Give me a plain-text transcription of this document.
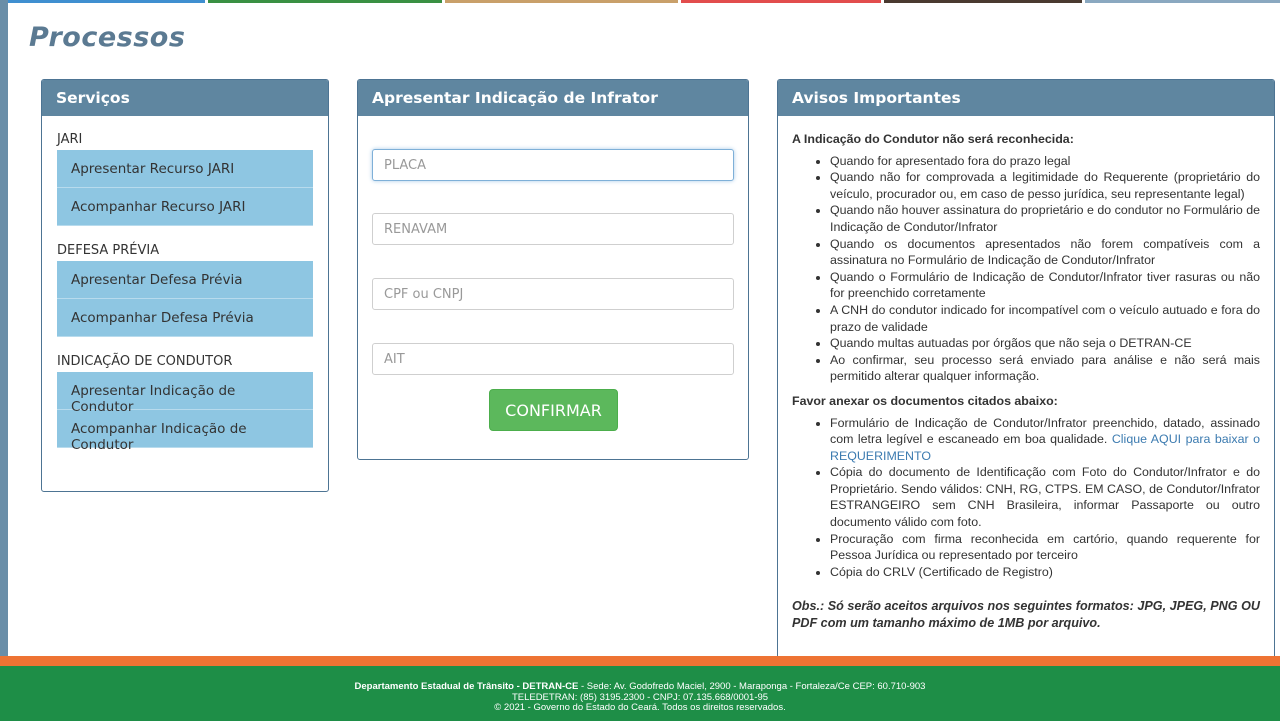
Processos
Serviços
JARI
Apresentar Recurso JARI
Acompanhar Recurso JARI
DEFESA PRÉVIA
Apresentar Defesa Prévia
Acompanhar Defesa Prévia
INDICAÇÃO DE CONDUTOR
Apresentar Indicação de Condutor
Acompanhar Indicação de Condutor
Apresentar Indicação de Infrator
PLACA
RENAVAM
CPF ou CNPJ
AIT
CONFIRMAR
Avisos Importantes
A Indicação do Condutor não será reconhecida:
• Quando for apresentado fora do prazo legal
• Quando não for comprovada a legitimidade do Requerente (proprietário do veículo, procurador ou, em caso de pesso jurídica, seu representante legal)
• Quando não houver assinatura do proprietário e do condutor no Formulário de Indicação de Condutor/Infrator
• Quando os documentos apresentados não forem compatíveis com a assinatura no Formulário de Indicação de Condutor/Infrator
• Quando o Formulário de Indicação de Condutor/Infrator tiver rasuras ou não for preenchido corretamente
• A CNH do condutor indicado for incompatível com o veículo autuado e fora do prazo de validade
• Quando multas autuadas por órgãos que não seja o DETRAN-CE
• Ao confirmar, seu processo será enviado para análise e não será mais permitido alterar qualquer informação.
Favor anexar os documentos citados abaixo:
• Formulário de Indicação de Condutor/Infrator preenchido, datado, assinado com letra legível e escaneado em boa qualidade. Clique AQUI para baixar o REQUERIMENTO
• Cópia do documento de Identificação com Foto do Condutor/Infrator e do Proprietário. Sendo válidos: CNH, RG, CTPS. EM CASO, de Condutor/Infrator ESTRANGEIRO sem CNH Brasileira, informar Passaporte ou outro documento válido com foto.
• Procuração com firma reconhecida em cartório, quando requerente for Pessoa Jurídica ou representado por terceiro
• Cópia do CRLV (Certificado de Registro)

Obs.: Só serão aceitos arquivos nos seguintes formatos: JPG, JPEG, PNG OU PDF com um tamanho máximo de 1MB por arquivo.

Departamento Estadual de Trânsito - DETRAN-CE - Sede: Av. Godofredo Maciel, 2900 - Maraponga - Fortaleza/Ce CEP: 60.710-903
TELEDETRAN: (85) 3195.2300 - CNPJ: 07.135.668/0001-95
© 2021 - Governo do Estado do Ceará. Todos os direitos reservados.
